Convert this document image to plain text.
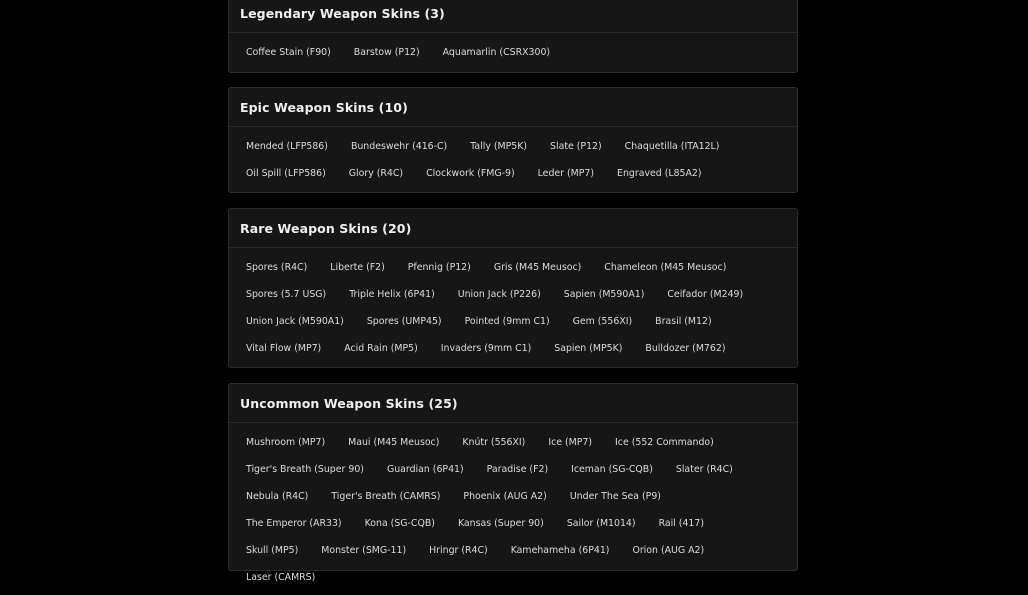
Legendary Weapon Skins (3)
Coffee Stain (F90)	Barstow (P12)	Aquamarlin (CSRX300)
Epic Weapon Skins (10)
Mended (LFP586)	Bundeswehr (416-C)	Tally (MP5K)	Slate (P12)	Chaquetilla (ITA12L)
Oil Spill (LFP586)	Glory (R4C)	Clockwork (FMG-9)	Leder (MP7)	Engraved (L85A2)
Rare Weapon Skins (20)
Spores (R4C)	Liberte (F2)	Pfennig (P12)	Gris (M45 Meusoc)	Chameleon (M45 Meusoc)
Spores (5.7 USG)	Triple Helix (6P41)	Union Jack (P226)	Sapien (M590A1)	Ceifador (M249)
Union Jack (M590A1)	Spores (UMP45)	Pointed (9mm C1)	Gem (556XI)	Brasil (M12)
Vital Flow (MP7)	Acid Rain (MP5)	Invaders (9mm C1)	Sapien (MP5K)	Bulldozer (M762)
Uncommon Weapon Skins (25)
Mushroom (MP7)	Maui (M45 Meusoc)	Knútr (556XI)	Ice (MP7)	Ice (552 Commando)
Tiger's Breath (Super 90)	Guardian (6P41)	Paradise (F2)	Iceman (SG-CQB)	Slater (R4C)
Nebula (R4C)	Tiger's Breath (CAMRS)	Phoenix (AUG A2)	Under The Sea (P9)
The Emperor (AR33)	Kona (SG-CQB)	Kansas (Super 90)	Sailor (M1014)	Rail (417)
Skull (MP5)	Monster (SMG-11)	Hringr (R4C)	Kamehameha (6P41)	Orion (AUG A2)
Laser (CAMRS)
